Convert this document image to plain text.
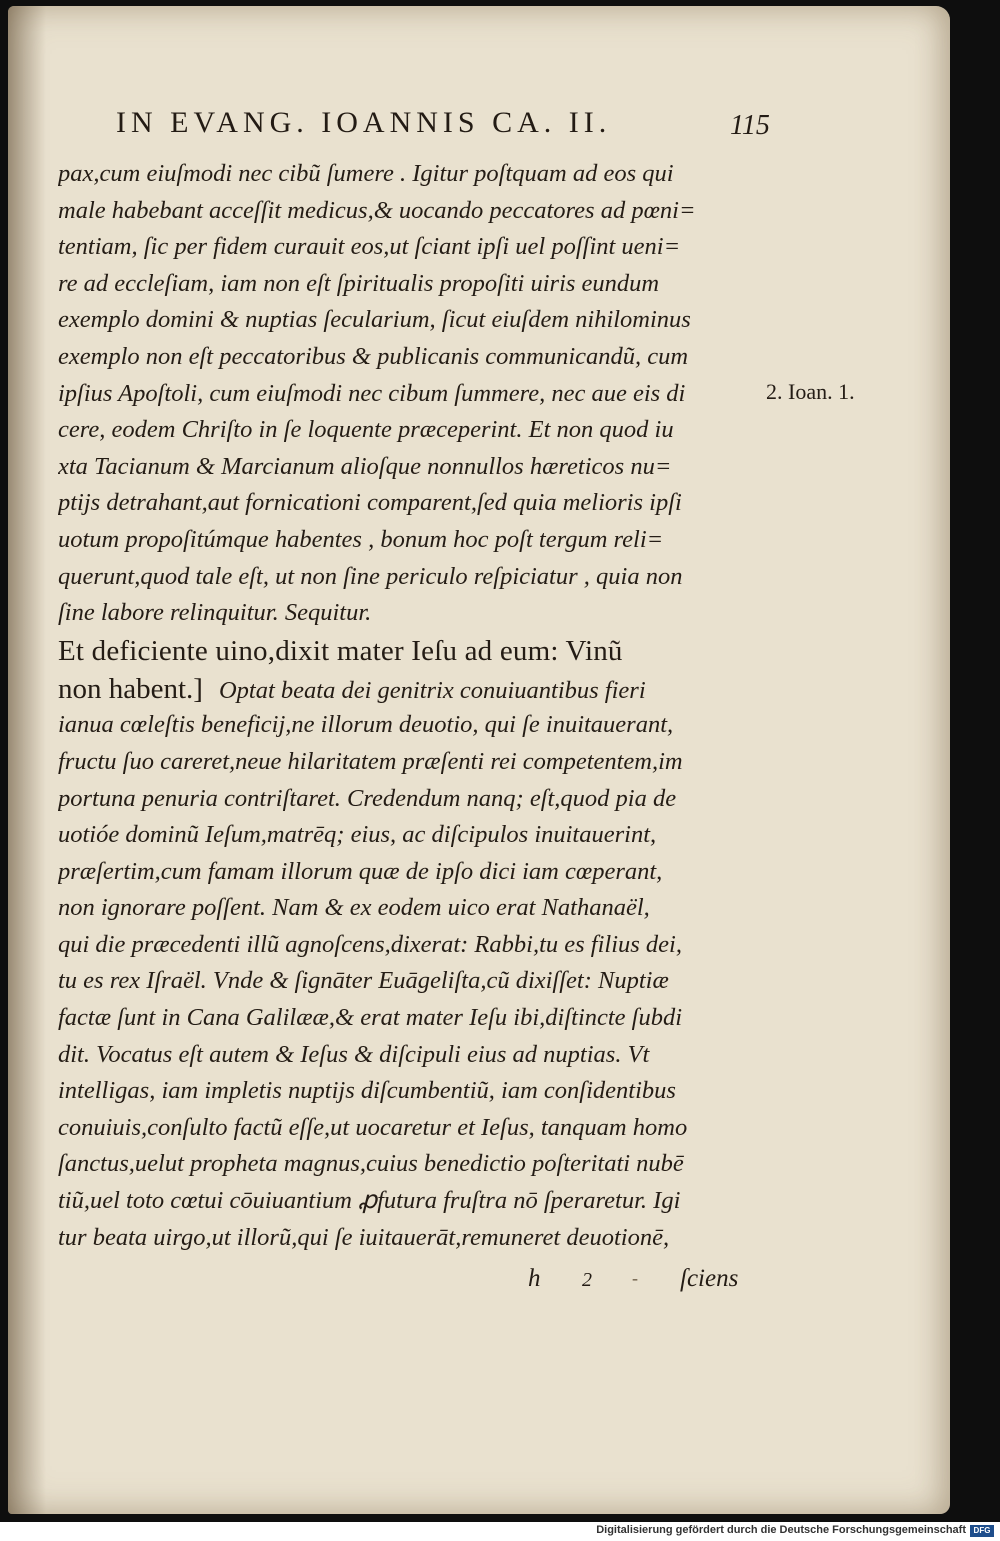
IN EVANG. IOANNIS CA. II.	115
2. Ioan. 1.
pax,cum eiuſmodi nec cibũ ſumere . Igitur poſtquam ad eos qui
male habebant acceſſit medicus,& uocando peccatores ad pœni=
tentiam, ſic per fidem curauit eos,ut ſciant ipſi uel poſſint ueni=
re ad eccleſiam, iam non eſt ſpiritualis propoſiti uiris eundum
exemplo domini & nuptias ſecularium, ſicut eiuſdem nihilominus
exemplo non eſt peccatoribus & publicanis communicandũ, cum
ipſius Apoſtoli, cum eiuſmodi nec cibum ſummere, nec aue eis di
cere, eodem Chriſto in ſe loquente præceperint. Et non quod iu
xta Tacianum & Marcianum alioſque nonnullos hæreticos nu=
ptijs detrahant,aut fornicationi comparent,ſed quia melioris ipſi
uotum propoſitúmque habentes , bonum hoc poſt tergum reli=
querunt,quod tale eſt, ut non ſine periculo reſpiciatur , quia non
ſine labore relinquitur. Sequitur.
Et deficiente uino,dixit mater Ieſu ad eum: Vinũ
non habent.] Optat beata dei genitrix conuiuantibus fieri
ianua cœleſtis beneficij,ne illorum deuotio, qui ſe inuitauerant,
fructu ſuo careret,neue hilaritatem præſenti rei competentem,im
portuna penuria contriſtaret. Credendum nanq; eſt,quod pia de
uotióe dominũ Ieſum,matrēq; eius, ac diſcipulos inuitauerint,
præſertim,cum famam illorum quæ de ipſo dici iam cœperant,
non ignorare poſſent. Nam & ex eodem uico erat Nathanaël,
qui die præcedenti illũ agnoſcens,dixerat: Rabbi,tu es filius dei,
tu es rex Iſraël. Vnde & ſignāter Euāgeliſta,cũ dixiſſet: Nuptiæ
factæ ſunt in Cana Galilææ,& erat mater Ieſu ibi,diſtincte ſubdi
dit. Vocatus eſt autem & Ieſus & diſcipuli eius ad nuptias. Vt
intelligas, iam impletis nuptijs diſcumbentiũ, iam conſidentibus
conuiuis,conſulto factũ eſſe,ut uocaretur et Ieſus, tanquam homo
ſanctus,uelut propheta magnus,cuius benedictio poſteritati nubē
tiũ,uel toto cœtui cōuiuantium ꝓfutura fruſtra nō ſperaretur. Igi
tur beata uirgo,ut illorũ,qui ſe iuitauerāt,remuneret deuotionē,
h 2 - ſciens
Digitalisierung gefördert durch die Deutsche Forschungsgemeinschaft DFG
